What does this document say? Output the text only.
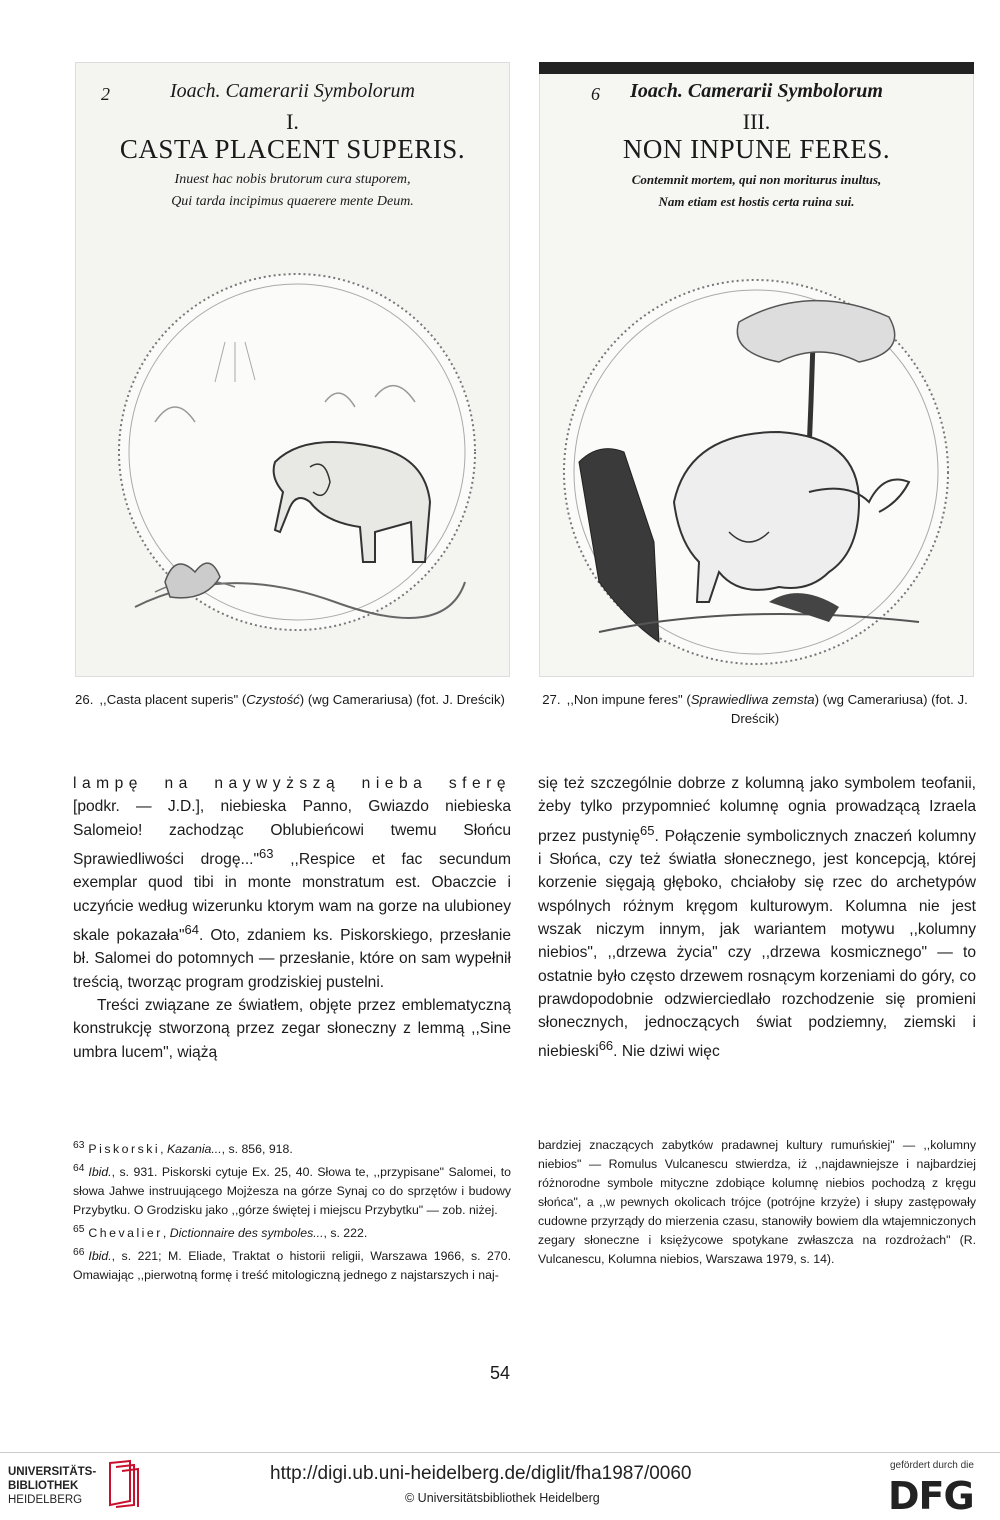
2	Ioach. Camerarii Symbolorum
I.
CASTA PLACENT SUPERIS.
Inuest hac nobis brutorum cura stuporem,
Qui tarda incipimus quaerere mente Deum.
6	Ioach. Camerarii Symbolorum
III.
NON INPUNE FERES.
Contemnit mortem, qui non moriturus inultus,
Nam etiam est hostis certa ruina sui.
26. ,,Casta placent superis" (Czystość) (wg Camerariusa) (fot. J. Dreścik)	27. ,,Non impune feres" (Sprawiedliwa zemsta) (wg Camerariusa) (fot. J. Dreścik)

lampę na naywyższą nieba sferę [podkr. — J.D.], niebieska Panno, Gwiazdo niebieska Salomeio! zachodząc Oblubieńcowi twemu Słońcu Sprawiedliwości drogę..."$^{63}$ ,,Respice et fac secundum exemplar quod tibi in monte monstratum est. Obaczcie i uczyńcie według wizerunku ktorym wam na gorze na ulubioney skale pokazała"$^{64}$. Oto, zdaniem ks. Piskorskiego, przesłanie bł. Salomei do potomnych — przesłanie, które on sam wypełnił treścią, tworząc program grodziskiej pustelni.

Treści związane ze światłem, objęte przez emblematyczną konstrukcję stworzoną przez zegar słoneczny z lemmą ,,Sine umbra lucem", wiążą

się też szczególnie dobrze z kolumną jako symbolem teofanii, żeby tylko przypomnieć kolumnę ognia prowadzącą Izraela przez pustynię$^{65}$. Połączenie symbolicznych znaczeń kolumny i Słońca, czy też światła słonecznego, jest koncepcją, której korzenie sięgają głęboko, chciałoby się rzec do archetypów wspólnych różnym kręgom kulturowym. Kolumna nie jest wszak niczym innym, jak wariantem motywu ,,kolumny niebios", ,,drzewa życia" czy ,,drzewa kosmicznego" — to ostatnie było często drzewem rosnącym korzeniami do góry, co prawdopodobnie odzwierciedlało rozchodzenie się promieni słonecznych, jednoczących świat podziemny, ziemski i niebieski$^{66}$. Nie dziwi więc

$^{63}$ Piskorski, Kazania..., s. 856, 918.

$^{64}$ Ibid., s. 931. Piskorski cytuje Ex. 25, 40. Słowa te, ,,przypisane" Salomei, to słowa Jahwe instruującego Mojżesza na górze Synaj co do sprzętów i budowy Przybytku. O Grodzisku jako ,,górze świętej i miejscu Przybytku" — zob. niżej.

$^{65}$ Chevalier, Dictionnaire des symboles..., s. 222.

$^{66}$ Ibid., s. 221; M. Eliade, Traktat o historii religii, Warszawa 1966, s. 270. Omawiając ,,pierwotną formę i treść mitologiczną jednego z najstarszych i naj-

bardziej znaczących zabytków pradawnej kultury rumuńskiej" — ,,kolumny niebios" — Romulus Vulcanescu stwierdza, iż ,,najdawniejsze i najbardziej różnorodne symbole mityczne zdobiące kolumnę niebios pochodzą z kręgu słońca", a ,,w pewnych okolicach trójce (potrójne krzyże) i słupy zastępowały cudowne przyrządy do mierzenia czasu, stanowiły bowiem dla wtajemniczonych zegary słoneczne i księżycowe spotykane zwłaszcza na rozdrożach" (R. Vulcanescu, Kolumna niebios, Warszawa 1979, s. 14).

54
UNIVERSITÄTS-
BIBLIOTHEK
HEIDELBERG
http://digi.ub.uni-heidelberg.de/diglit/fha1987/0060
© Universitätsbibliothek Heidelberg
gefördert durch die
DFG
